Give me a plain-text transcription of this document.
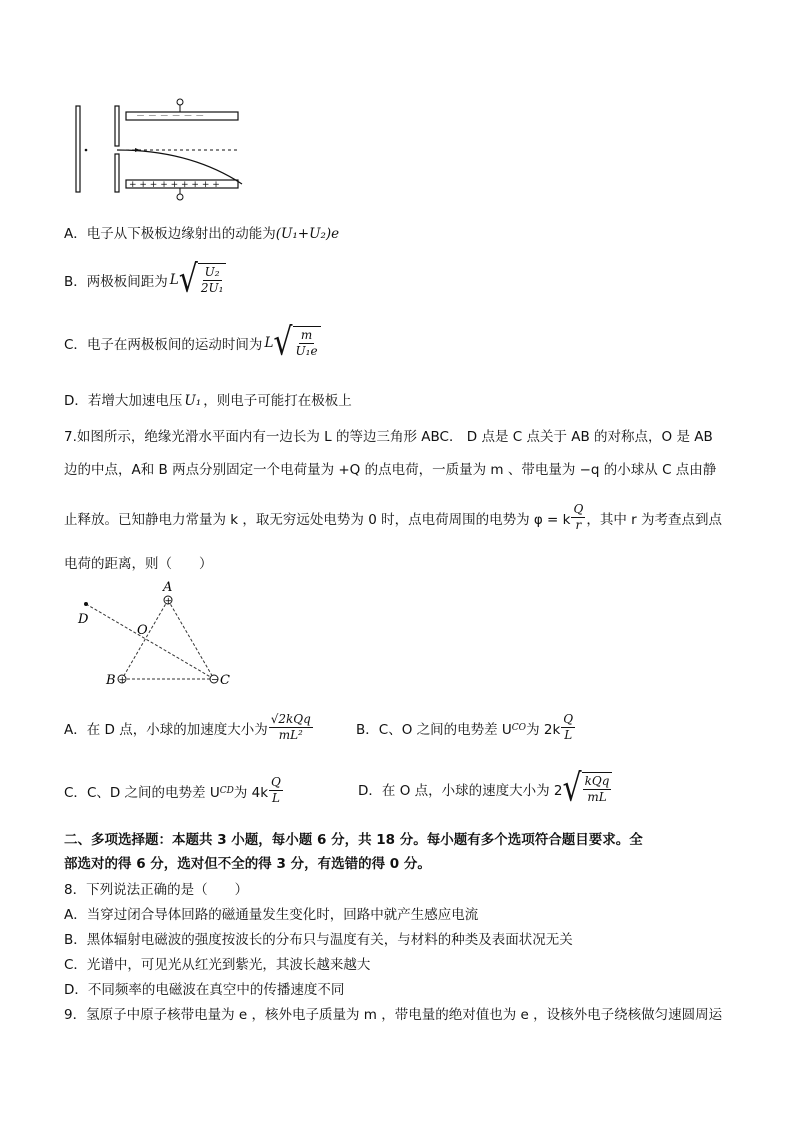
－ － － － － －
+ + + + + + + + +
A．电子从下极板边缘射出的动能为(U₁+U₂)e
B． 两极板间距为 L √ $\frac{\text{U₂}}{\text{2U₁}}$
C． 电子在两极板间的运动时间为 L √ $\frac{m}{\text{U₁e}}$
D．若增大加速电压 U₁ ，则电子可能打在极板上
7.如图所示，绝缘光滑水平面内有一边长为 L 的等边三角形 ABC． D 点是 C 点关于 AB 的对称点，O 是 AB
边的中点，A和 B 两点分别固定一个电荷量为 +Q 的点电荷，一质量为 m 、带电量为 −q 的小球从 C 点由静
止释放。已知静电力常量为 k ，取无穷远处电势为 0 时，点电荷周围的电势为 φ = k $\frac{Q}{r}$ ，其中 r 为考查点到点
电荷的距离，则（　　）
+
+	−
A
B	C
D
O
A． 在 D 点，小球的加速度大小为 $\frac{\text{√2kQq}}{\text{mL²}}$	B． C、O 之间的电势差 U CO 为 $2k \frac{Q}{L}$
C． C、D 之间的电势差 U CD 为 $4k \frac{Q}{L}$	D． 在 O 点，小球的速度大小为 2 √ $\frac{\text{kQq}}{mL}$
二、多项选择题：本题共 3 小题，每小题 6 分，共 18 分。每小题有多个选项符合题目要求。全
部选对的得 6 分，选对但不全的得 3 分，有选错的得 0 分。
8．下列说法正确的是（　　）
A．当穿过闭合导体回路的磁通量发生变化时，回路中就产生感应电流
B．黑体辐射电磁波的强度按波长的分布只与温度有关，与材料的种类及表面状况无关
C．光谱中，可见光从红光到紫光，其波长越来越大
D．不同频率的电磁波在真空中的传播速度不同
9．氢原子中原子核带电量为 e ，核外电子质量为 m ，带电量的绝对值也为 e ，设核外电子绕核做匀速圆周运
